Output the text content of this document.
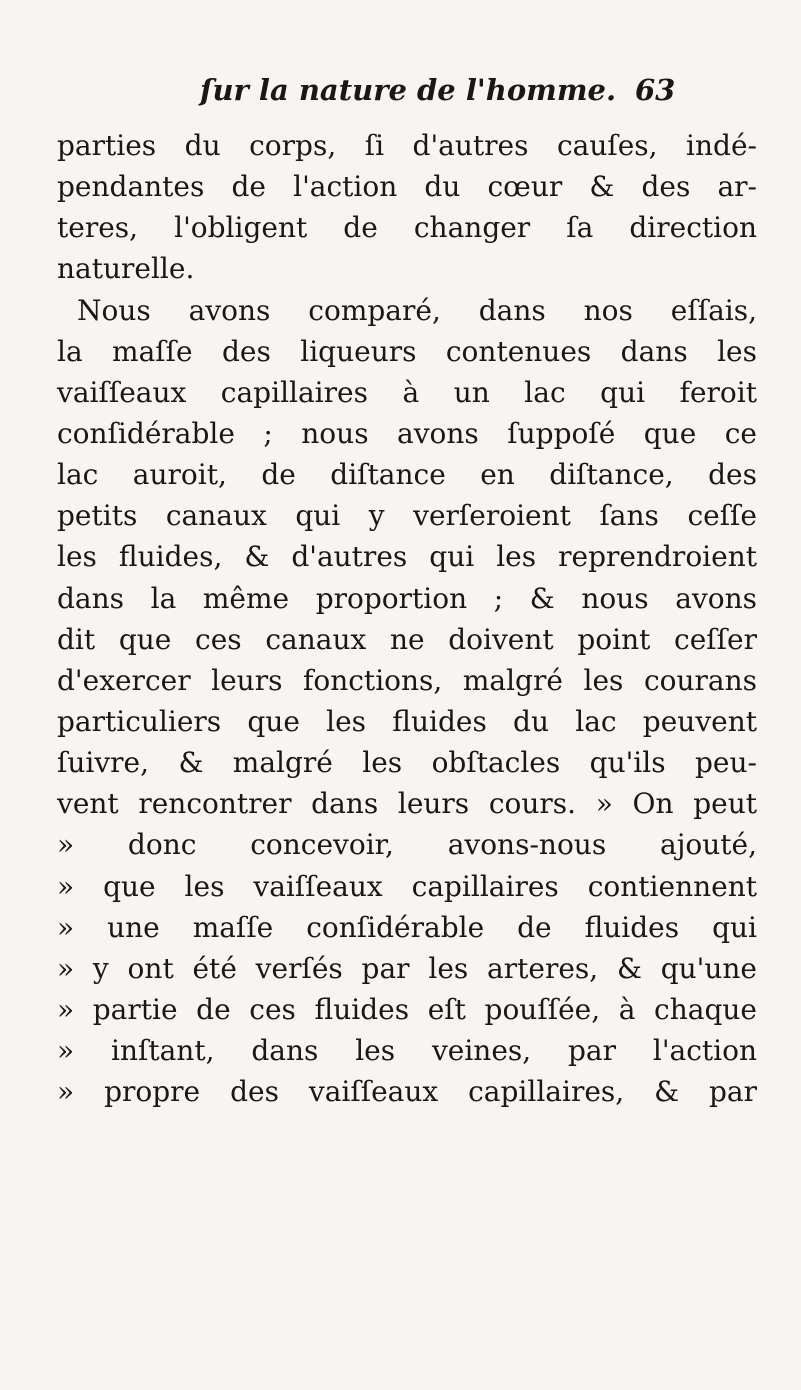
ſur la nature de l'homme. 63
parties du corps, ſi d'autres cauſes, indé-
pendantes de l'action du cœur & des ar-
teres, l'obligent de changer ſa direction
naturelle.
Nous avons comparé, dans nos eſſais,
la maſſe des liqueurs contenues dans les
vaiſſeaux capillaires à un lac qui feroit
conſidérable ; nous avons ſuppoſé que ce
lac auroit, de diſtance en diſtance, des
petits canaux qui y verſeroient ſans ceſſe
les fluides, & d'autres qui les reprendroient
dans la même proportion ; & nous avons
dit que ces canaux ne doivent point ceſſer
d'exercer leurs fonctions, malgré les courans
particuliers que les fluides du lac peuvent
ſuivre, & malgré les obſtacles qu'ils peu-
vent rencontrer dans leurs cours. » On peut
» donc concevoir, avons-nous ajouté,
» que les vaiſſeaux capillaires contiennent
» une maſſe conſidérable de fluides qui
» y ont été verſés par les arteres, & qu'une
» partie de ces fluides eſt pouſſée, à chaque
» inſtant, dans les veines, par l'action
» propre des vaiſſeaux capillaires, & par
